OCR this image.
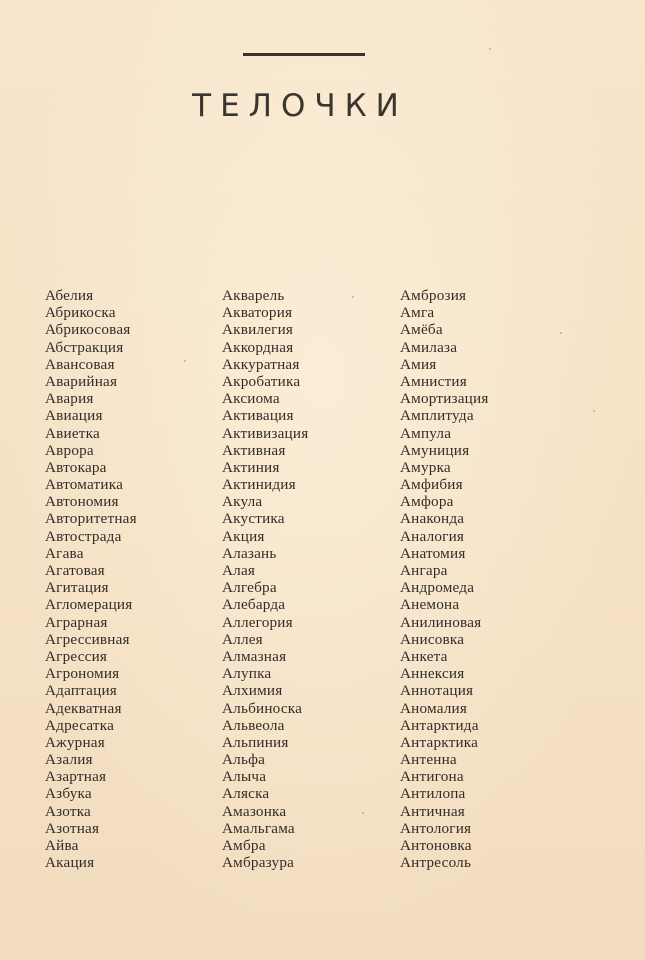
ТЕЛОЧКИ
Абелия
Абрикоска
Абрикосовая
Абстракция
Авансовая
Аварийная
Авария
Авиация
Авиетка
Аврора
Автокара
Автоматика
Автономия
Авторитетная
Автострада
Агава
Агатовая
Агитация
Агломерация
Аграрная
Агрессивная
Агрессия
Агрономия
Адаптация
Адекватная
Адресатка
Ажурная
Азалия
Азартная
Азбука
Азотка
Азотная
Айва
Акация
Акварель
Акватория
Аквилегия
Аккордная
Аккуратная
Акробатика
Аксиома
Активация
Активизация
Активная
Актиния
Актинидия
Акула
Акустика
Акция
Алазань
Алая
Алгебра
Алебарда
Аллегория
Аллея
Алмазная
Алупка
Алхимия
Альбиноска
Альвеола
Альпиния
Альфа
Алыча
Аляска
Амазонка
Амальгама
Амбра
Амбразура
Амброзия
Амга
Амёба
Амилаза
Амия
Амнистия
Амортизация
Амплитуда
Ампула
Амуниция
Амурка
Амфибия
Амфора
Анаконда
Аналогия
Анатомия
Ангара
Андромеда
Анемона
Анилиновая
Анисовка
Анкета
Аннексия
Аннотация
Аномалия
Антарктида
Антарктика
Антенна
Антигона
Антилопа
Античная
Антология
Антоновка
Антресоль
